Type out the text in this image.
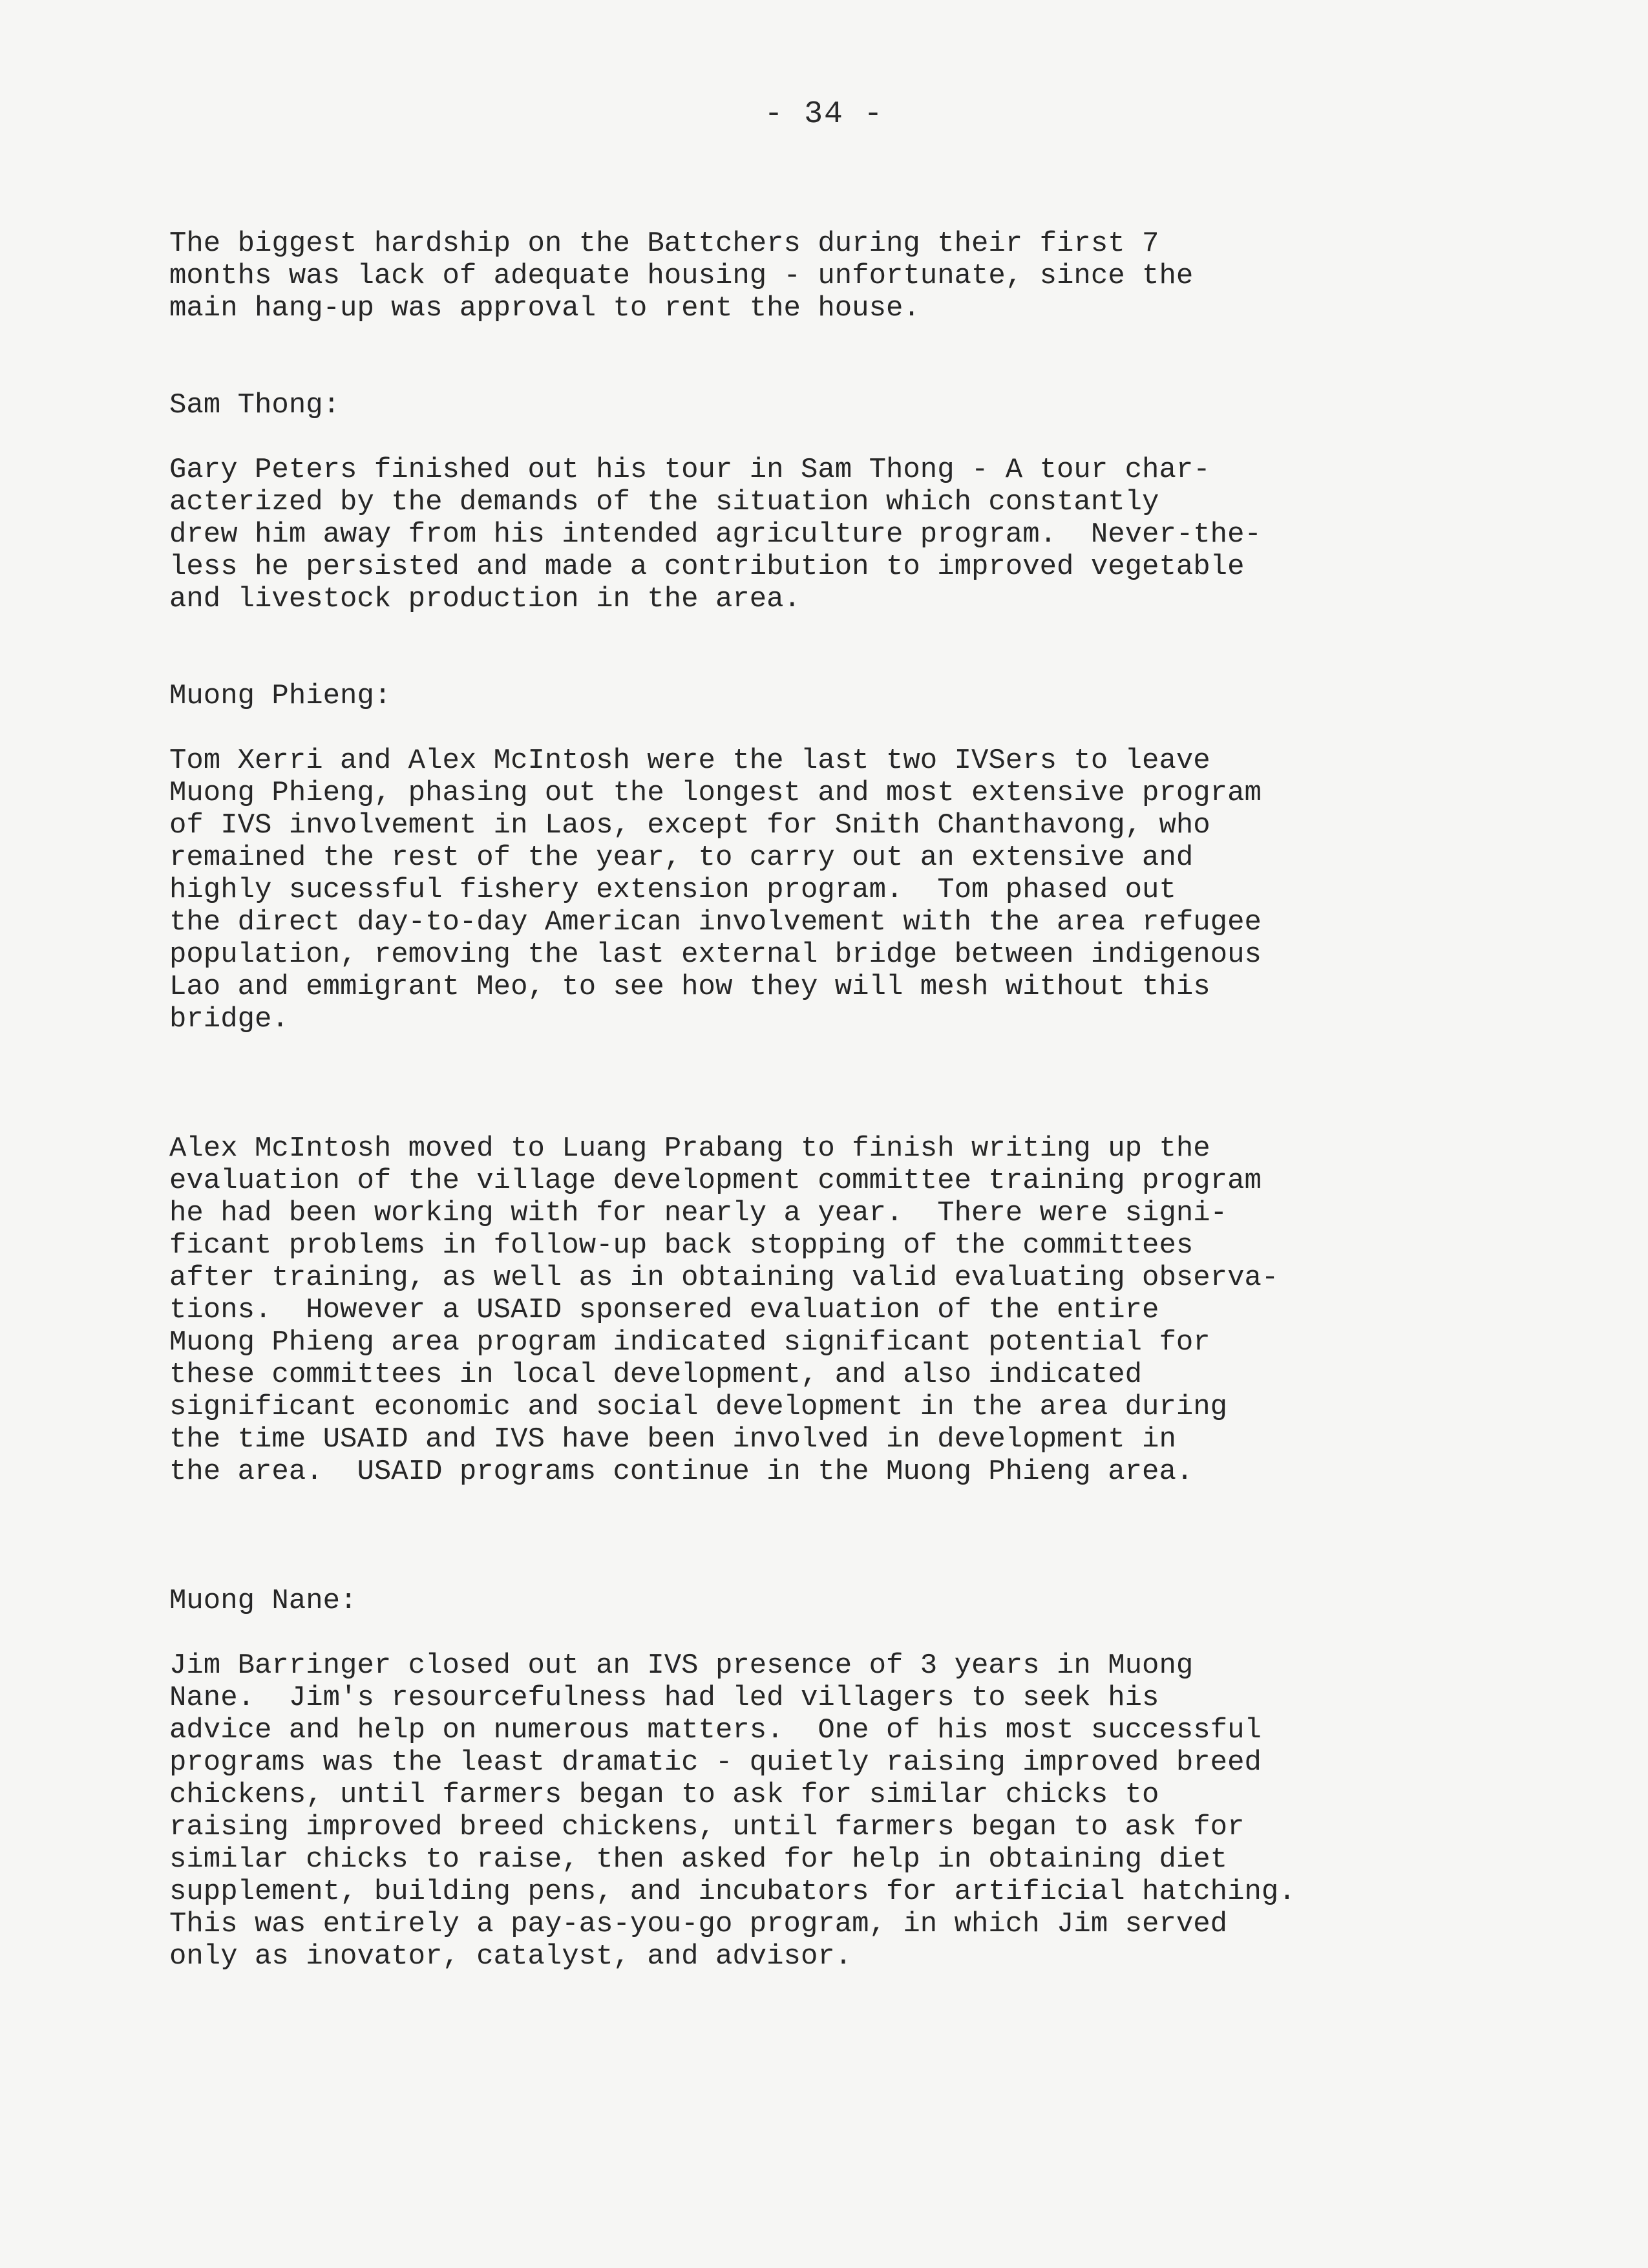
- 34 -

The biggest hardship on the Battchers during their first 7

months was lack of adequate housing - unfortunate, since the

main hang-up was approval to rent the house.

Sam Thong:

Gary Peters finished out his tour in Sam Thong - A tour char-

acterized by the demands of the situation which constantly

drew him away from his intended agriculture program.  Never-the-

less he persisted and made a contribution to improved vegetable

and livestock production in the area.

Muong Phieng:

Tom Xerri and Alex McIntosh were the last two IVSers to leave

Muong Phieng, phasing out the longest and most extensive program

of IVS involvement in Laos, except for Snith Chanthavong, who

remained the rest of the year, to carry out an extensive and

highly sucessful fishery extension program.  Tom phased out

the direct day-to-day American involvement with the area refugee

population, removing the last external bridge between indigenous

Lao and emmigrant Meo, to see how they will mesh without this

bridge.

Alex McIntosh moved to Luang Prabang to finish writing up the

evaluation of the village development committee training program

he had been working with for nearly a year.  There were signi-

ficant problems in follow-up back stopping of the committees

after training, as well as in obtaining valid evaluating observa-

tions.  However a USAID sponsered evaluation of the entire

Muong Phieng area program indicated significant potential for

these committees in local development, and also indicated

significant economic and social development in the area during

the time USAID and IVS have been involved in development in

the area.  USAID programs continue in the Muong Phieng area.

Muong Nane:

Jim Barringer closed out an IVS presence of 3 years in Muong

Nane.  Jim's resourcefulness had led villagers to seek his

advice and help on numerous matters.  One of his most successful

programs was the least dramatic - quietly raising improved breed

chickens, until farmers began to ask for similar chicks to

raising improved breed chickens, until farmers began to ask for

similar chicks to raise, then asked for help in obtaining diet

supplement, building pens, and incubators for artificial hatching.

This was entirely a pay-as-you-go program, in which Jim served

only as inovator, catalyst, and advisor.
